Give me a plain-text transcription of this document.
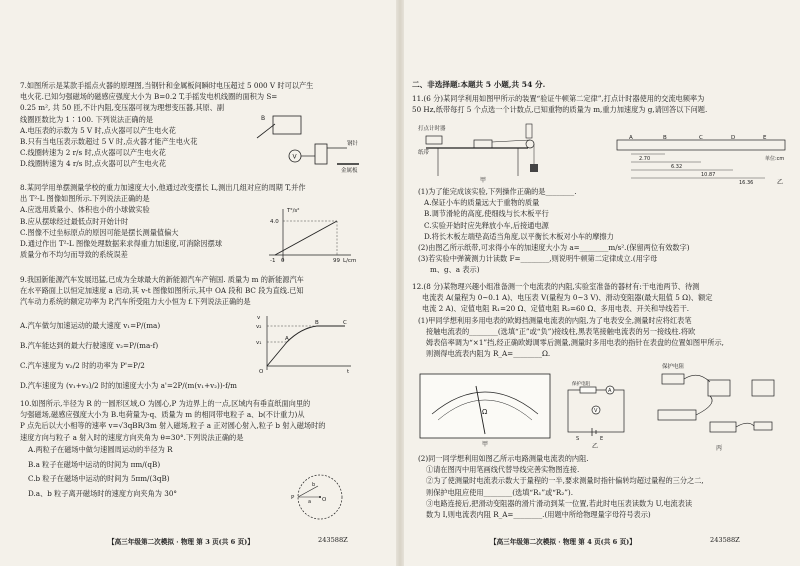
7.如图所示是某款手摇点火器的原理图,当钢针和金属板间瞬时电压超过 5 000 V 时可以产生

电火花.已知匀强磁场的磁感应强度大小为 B=0.2 T,手摇发电机线圈的面积为 S=

0.25 m², 共 50 匝,不计内阻,变压器可视为理想变压器,其原、副

线圈匝数比为 1∶100. 下列说法正确的是

A.电压表的示数为 5 V 时,点火器可以产生电火花

B.只有当电压表示数超过 5 V 时,点火器才能产生电火花

C.线圈转速为 2 r/s 时,点火器可以产生电火花

D.线圈转速为 4 r/s 时,点火器可以产生电火花

V
B
钢针
金属板

8.某同学用单摆测量学校的重力加速度大小,他通过改变摆长 L,测出几组对应的周期 T,并作

出 T²-L 图像如图所示.下列说法正确的是

A.应选用质量小、体积也小的小球做实验

B.应从摆球经过最低点时开始计时

C.图像不过坐标原点的原因可能是摆长测量值偏大

D.通过作出 T²-L 图像处理数据来求得重力加速度,可消除因摆球

质量分布不均匀而导致的系统误差

T²/s²
4.0
-1 0	99 L/cm

9.我国新能源汽车发展迅猛,已成为全球最大的新能源汽车产销国. 质量为 m 的新能源汽车

在水平路面上以恒定加速度 a 启动,其 v-t 图像如图所示,其中 OA 段和 BC 段为直线.已知

汽车动力系统的额定功率为 P,汽车所受阻力大小恒为 f.下列说法正确的是

A.汽车做匀加速运动的最大速度 v₁=P/(ma)

B.汽车能达到的最大行驶速度 v₂=P/(ma-f)

C.汽车速度为 v₂/2 时的功率为 P'=P/2

D.汽车速度为 (v₁+v₂)/2 时的加速度大小为 a'=2P/(m(v₁+v₂))-f/m

v
v₂
v₁
A
B	C
O	t

10.如图所示,半径为 R 的一圆形区域,O 为圆心,P 为边界上的一点,区域内有垂直纸面向里的

匀强磁场,磁感应强度大小为 B.电荷量为-q、质量为 m 的相同带电粒子 a、b(不计重力)从

P 点先后以大小相等的速率 v=√3qBR/3m 射入磁场,粒子 a 正对圆心射入,粒子 b 射入磁场时的

速度方向与粒子 a 射入时的速度方向夹角为 θ=30°.下列说法正确的是

A.两粒子在磁场中做匀速圆周运动的半径为 R

B.a 粒子在磁场中运动的时间为 πm/(qB)

C.b 粒子在磁场中运动的时间为 5πm/(3qB)

D.a、b 粒子离开磁场时的速度方向夹角为 30°

P	O
a
b
【高三年级第二次模拟 · 物理 第 3 页(共 6 页)】	243588Z
二、非选择题:本题共 5 小题,共 54 分.

11.(6 分)某同学利用如图甲所示的装置“验证牛顿第二定律”,打点计时器使用的交流电频率为

50 Hz,纸带每打 5 个点选一个计数点,已知重物的质量为 m,重力加速度为 g,请回答以下问题.

打点计时器
纸带
甲
A	B	C	D	E
2.70
6.32
10.87
16.36
单位:cm
乙

(1)为了能完成该实验,下列操作正确的是________.

A.保证小车的质量远大于重物的质量

B.调节滑轮的高度,使细线与长木板平行

C.实验开始时应先释放小车,后接通电源

D.将长木板左端垫高适当角度,以平衡长木板对小车的摩擦力

(2)由图乙所示纸带,可求得小车的加速度大小为 a=________m/s².(保留两位有效数字)

(3)若实验中弹簧测力计读数 F=________,则说明牛顿第二定律成立.(用字母

m、g、a 表示)

12.(8 分)某物理兴趣小组准备测一个电流表的内阻,实验室准备的器材有:干电池两节、待测

电流表 A(量程为 0~0.1 A)、电压表 V(量程为 0~3 V)、滑动变阻器(最大阻值 5 Ω)、额定

电流 2 A)、定值电阻 R₁=20 Ω、定值电阻 R₂=60 Ω、多用电表、开关和导线若干.

(1)甲同学想利用多用电表的欧姆挡测量电流表的内阻,为了电表安全,测量时应将红表笔

接触电流表的________(选填“正”或“负”)接线柱,黑表笔接触电流表的另一接线柱.将欧

姆表倍率调为“×1”挡,经正确欧姆调零后测量,测量时多用电表的指针在表盘的位置如图甲所示,

则测得电流表内阻为 R_A=________Ω.

Ω
甲
A
V
E
S
保护电阻
乙
保护电阻
丙

(2)同一同学想利用如图乙所示电路测量电流表的内阻.

①请在图丙中用笔画线代替导线完善实物图连接.

②为了使测量时电流表示数大于量程的一半,要求测量时指针偏转均超过量程的三分之二,

则保护电阻应使用________(选填“R₁”或“R₂”).

③电路连接后,把滑动变阻器的滑片滑动到某一位置,若此时电压表读数为 U,电流表读

数为 I,则电流表内阻 R_A=________.(用题中所给物理量字母符号表示)

【高三年级第二次模拟 · 物理 第 4 页(共 6 页)】	243588Z
